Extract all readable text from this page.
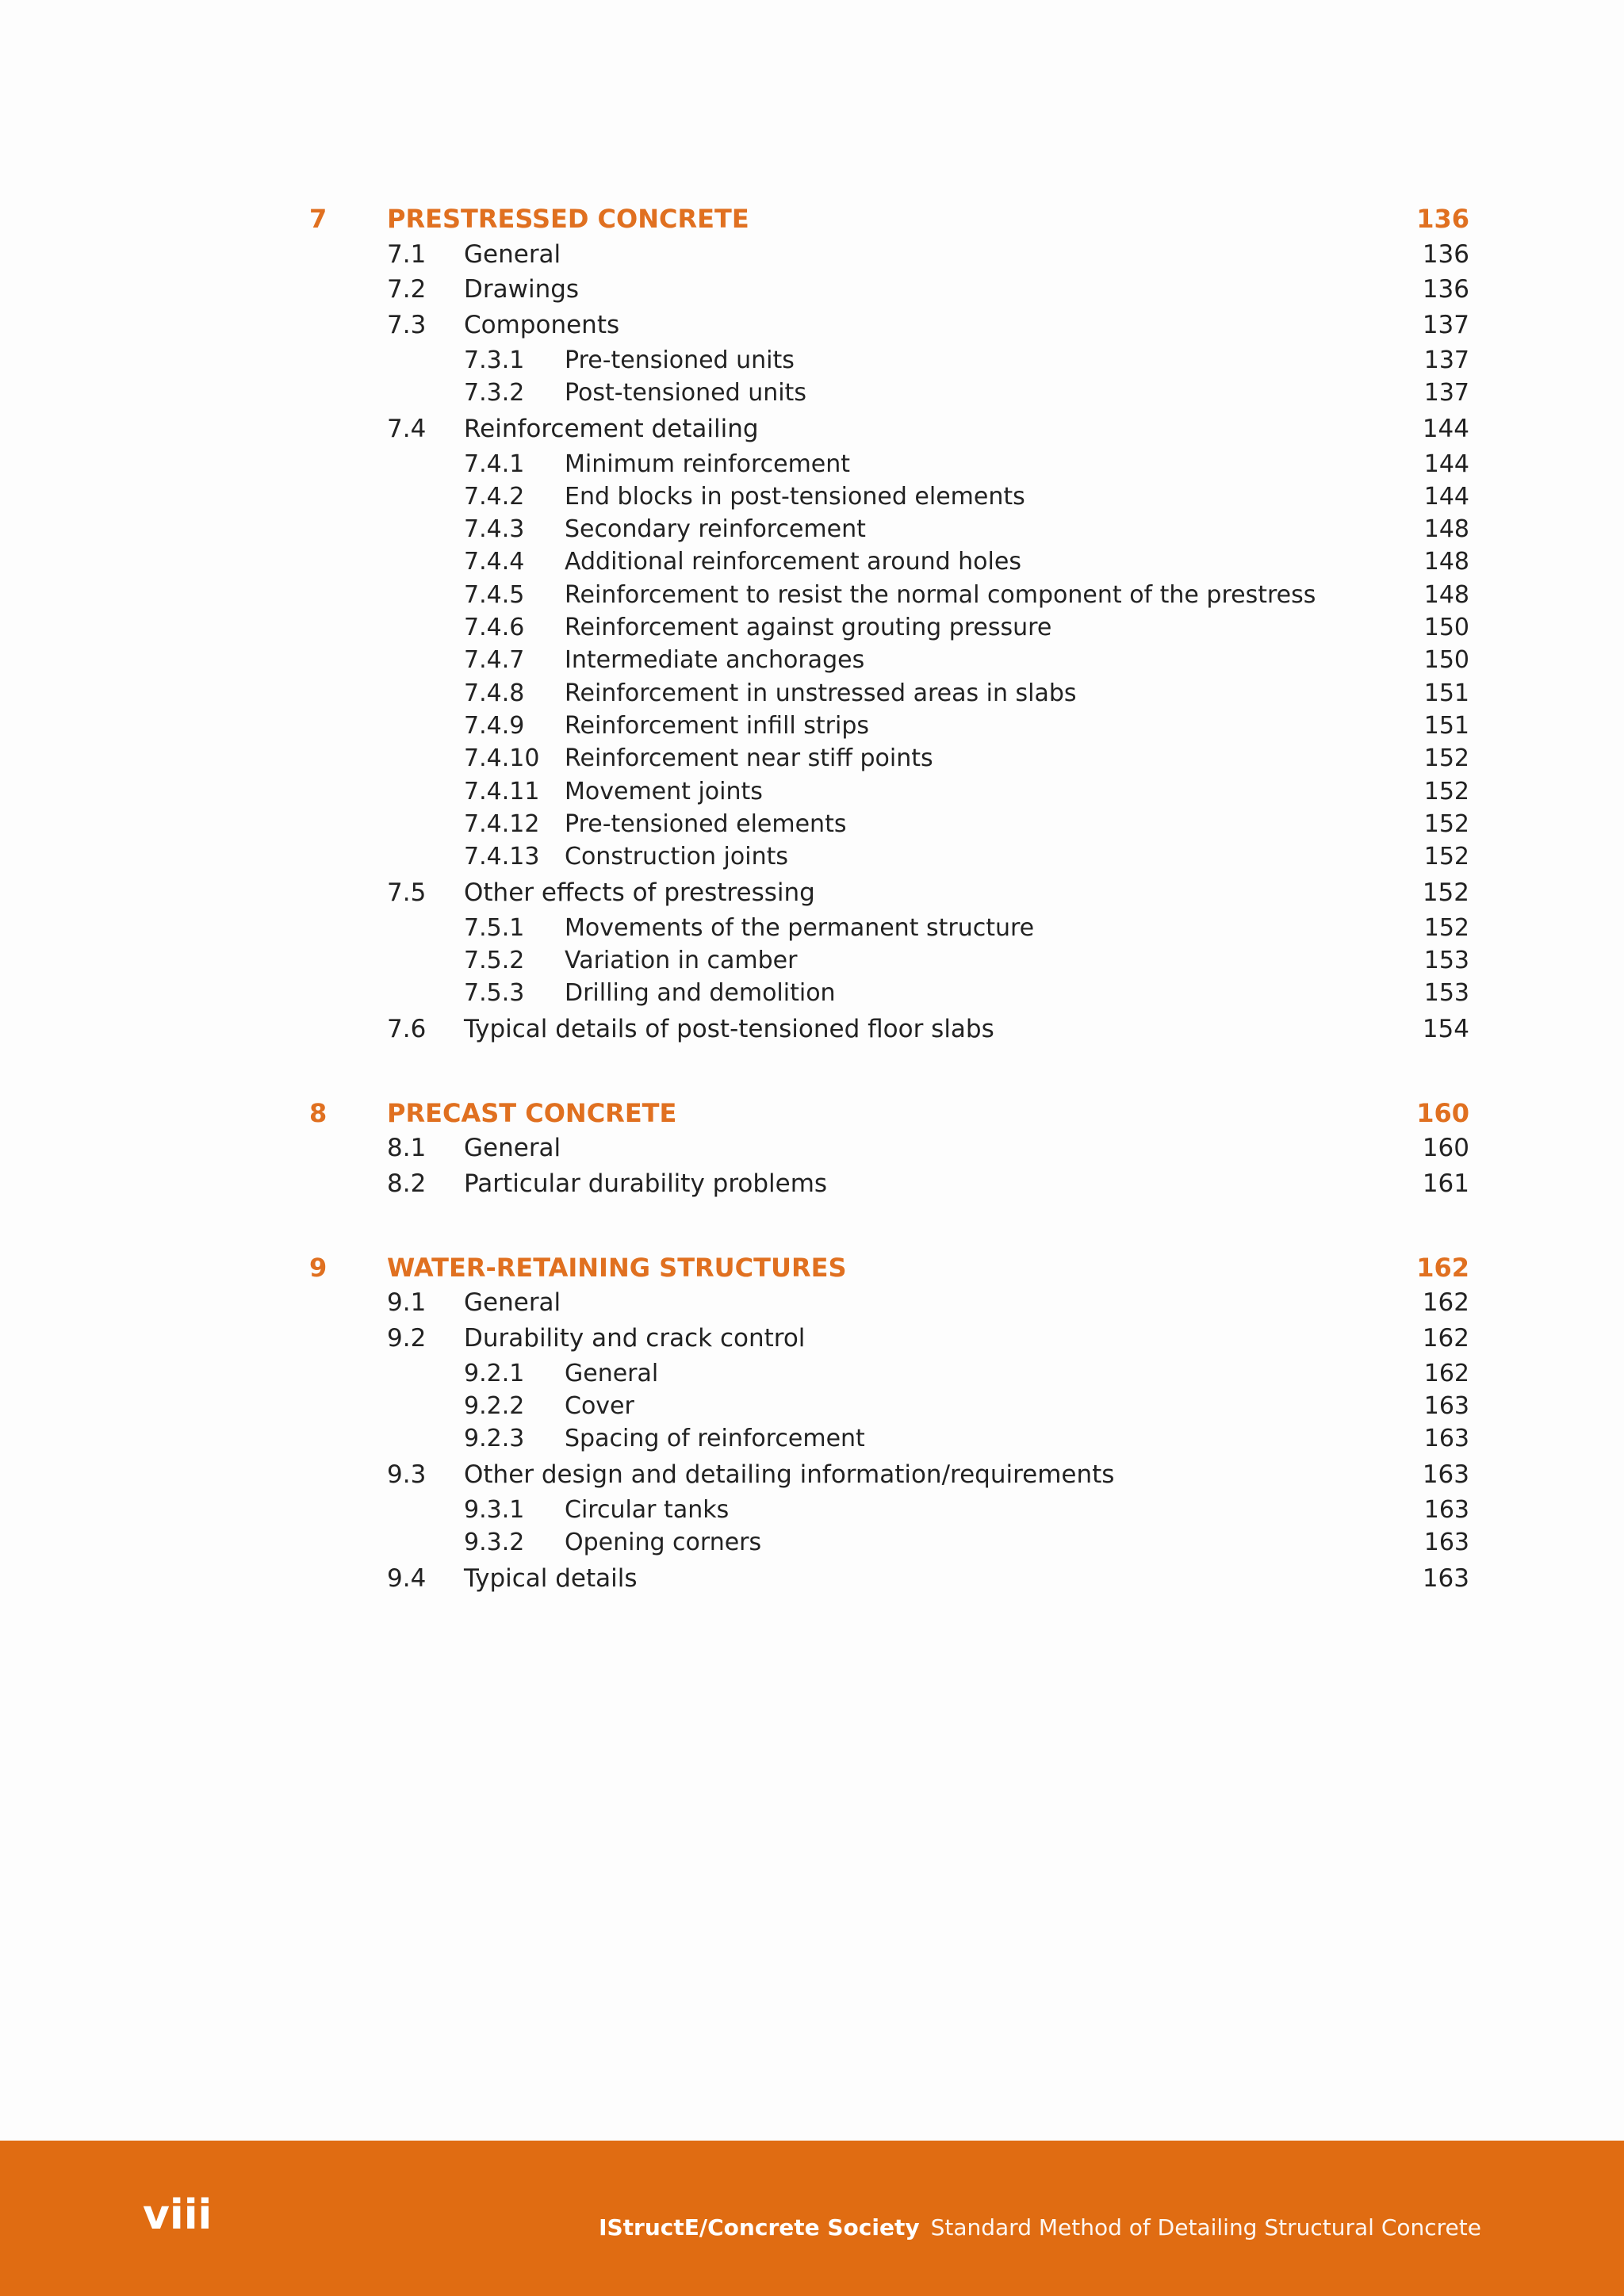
7 PRESTRESSED CONCRETE	136
7.1 General	136
7.2 Drawings	136
7.3 Components	137
7.3.1 Pre-tensioned units	137
7.3.2 Post-tensioned units	137
7.4 Reinforcement detailing	144
7.4.1 Minimum reinforcement	144
7.4.2 End blocks in post-tensioned elements	144
7.4.3 Secondary reinforcement	148
7.4.4 Additional reinforcement around holes	148
7.4.5 Reinforcement to resist the normal component of the prestress	148
7.4.6 Reinforcement against grouting pressure	150
7.4.7 Intermediate anchorages	150
7.4.8 Reinforcement in unstressed areas in slabs	151
7.4.9 Reinforcement infill strips	151
7.4.10 Reinforcement near stiff points	152
7.4.11 Movement joints	152
7.4.12 Pre-tensioned elements	152
7.4.13 Construction joints	152
7.5 Other effects of prestressing	152
7.5.1 Movements of the permanent structure	152
7.5.2 Variation in camber	153
7.5.3 Drilling and demolition	153
7.6 Typical details of post-tensioned floor slabs	154
8 PRECAST CONCRETE	160
8.1 General	160
8.2 Particular durability problems	161
9 WATER-RETAINING STRUCTURES	162
9.1 General	162
9.2 Durability and crack control	162
9.2.1 General	162
9.2.2 Cover	163
9.2.3 Spacing of reinforcement	163
9.3 Other design and detailing information/requirements	163
9.3.1 Circular tanks	163
9.3.2 Opening corners	163
9.4 Typical details	163
viii	IStructE/Concrete Society Standard Method of Detailing Structural Concrete
